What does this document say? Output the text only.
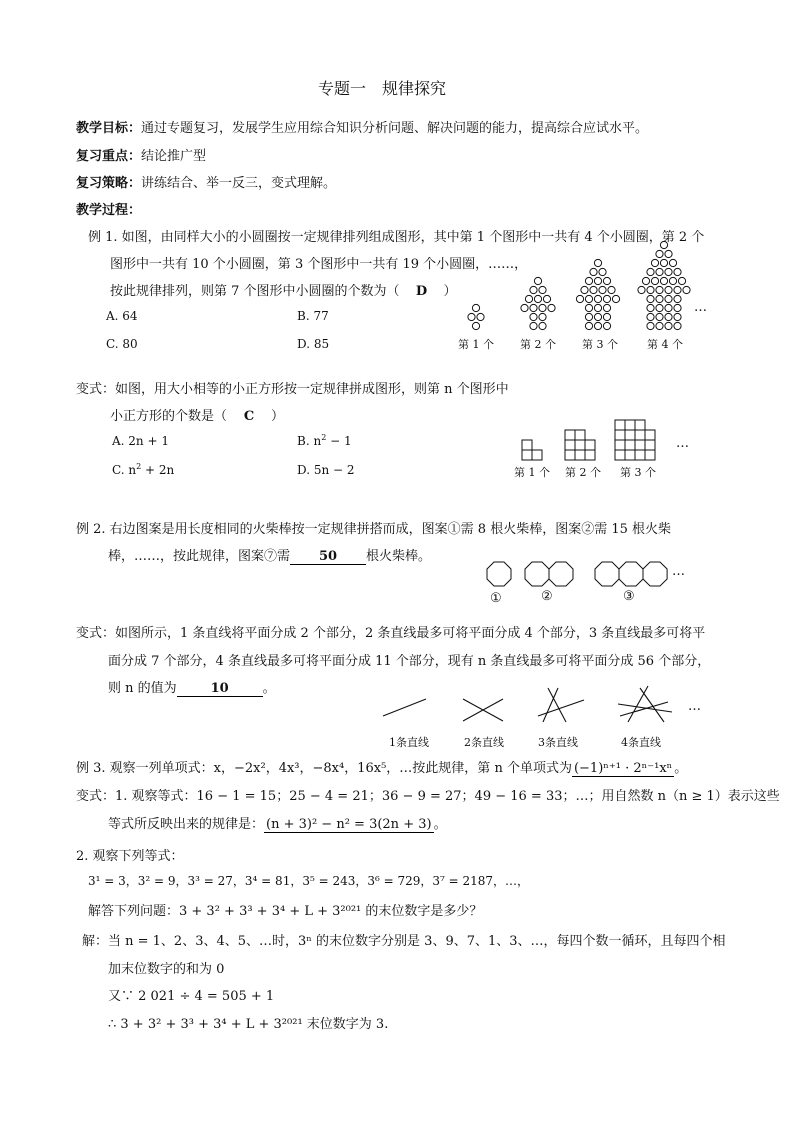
专题一　规律探究
教学目标：通过专题复习，发展学生应用综合知识分析问题、解决问题的能力，提高综合应试水平。
复习重点：结论推广型
复习策略：讲练结合、举一反三，变式理解。
教学过程：
例 1. 如图，由同样大小的小圆圈按一定规律排列组成图形，其中第 1 个图形中一共有 4 个小圆圈，第 2 个
图形中一共有 10 个小圆圈，第 3 个图形中一共有 19 个小圆圈，……，
按此规律排列，则第 7 个图形中小圆圈的个数为（ D ）
A. 64	B. 77
C. 80	D. 85	第 1 个 第 2 个 第 3 个	第 4 个
…
变式：如图，用大小相等的小正方形按一定规律拼成图形，则第 n 个图形中
小正方形的个数是（ C ）
A. 2n + 1	B. $n^2 - 1$
C. $n^2 + 2n$	D. 5n − 2	第 1 个 第 2 个 第 3 个
…
例 2. 右边图案是用长度相同的火柴棒按一定规律拼搭而成，图案①需 8 根火柴棒，图案②需 15 根火柴
棒，……，按此规律，图案⑦需 50 根火柴棒。
①	②	③
…
变式：如图所示，1 条直线将平面分成 2 个部分，2 条直线最多可将平面分成 4 个部分，3 条直线最多可将平
面分成 7 个部分，4 条直线最多可将平面分成 11 个部分，现有 n 条直线最多可将平面分成 56 个部分，
则 n 的值为	10	。
1条直线	2条直线	3条直线	4条直线
…
例 3. 观察一列单项式：x，−2x²，4x³，−8x⁴，16x⁵，…按此规律，第 n 个单项式为 (−1)ⁿ⁺¹ · 2ⁿ⁻¹xⁿ 。
变式：1. 观察等式：16 − 1 = 15；25 − 4 = 21；36 − 9 = 27；49 − 16 = 33；…；用自然数 n（n ≥ 1）表示这些
等式所反映出来的规律是： (n + 3)² − n² = 3(2n + 3) 。
2. 观察下列等式：
3¹ = 3，3² = 9，3³ = 27，3⁴ = 81，3⁵ = 243，3⁶ = 729，3⁷ = 2187，…，
解答下列问题：3 + 3² + 3³ + 3⁴ + L + 3²⁰²¹ 的末位数字是多少？
解：当 n = 1、2、3、4、5、…时，3ⁿ 的末位数字分别是 3、9、7、1、3、…，每四个数一循环，且每四个相
加末位数字的和为 0
又∵ 2 021 ÷ 4 = 505 + 1
∴ 3 + 3² + 3³ + 3⁴ + L + 3²⁰²¹ 末位数字为 3.
